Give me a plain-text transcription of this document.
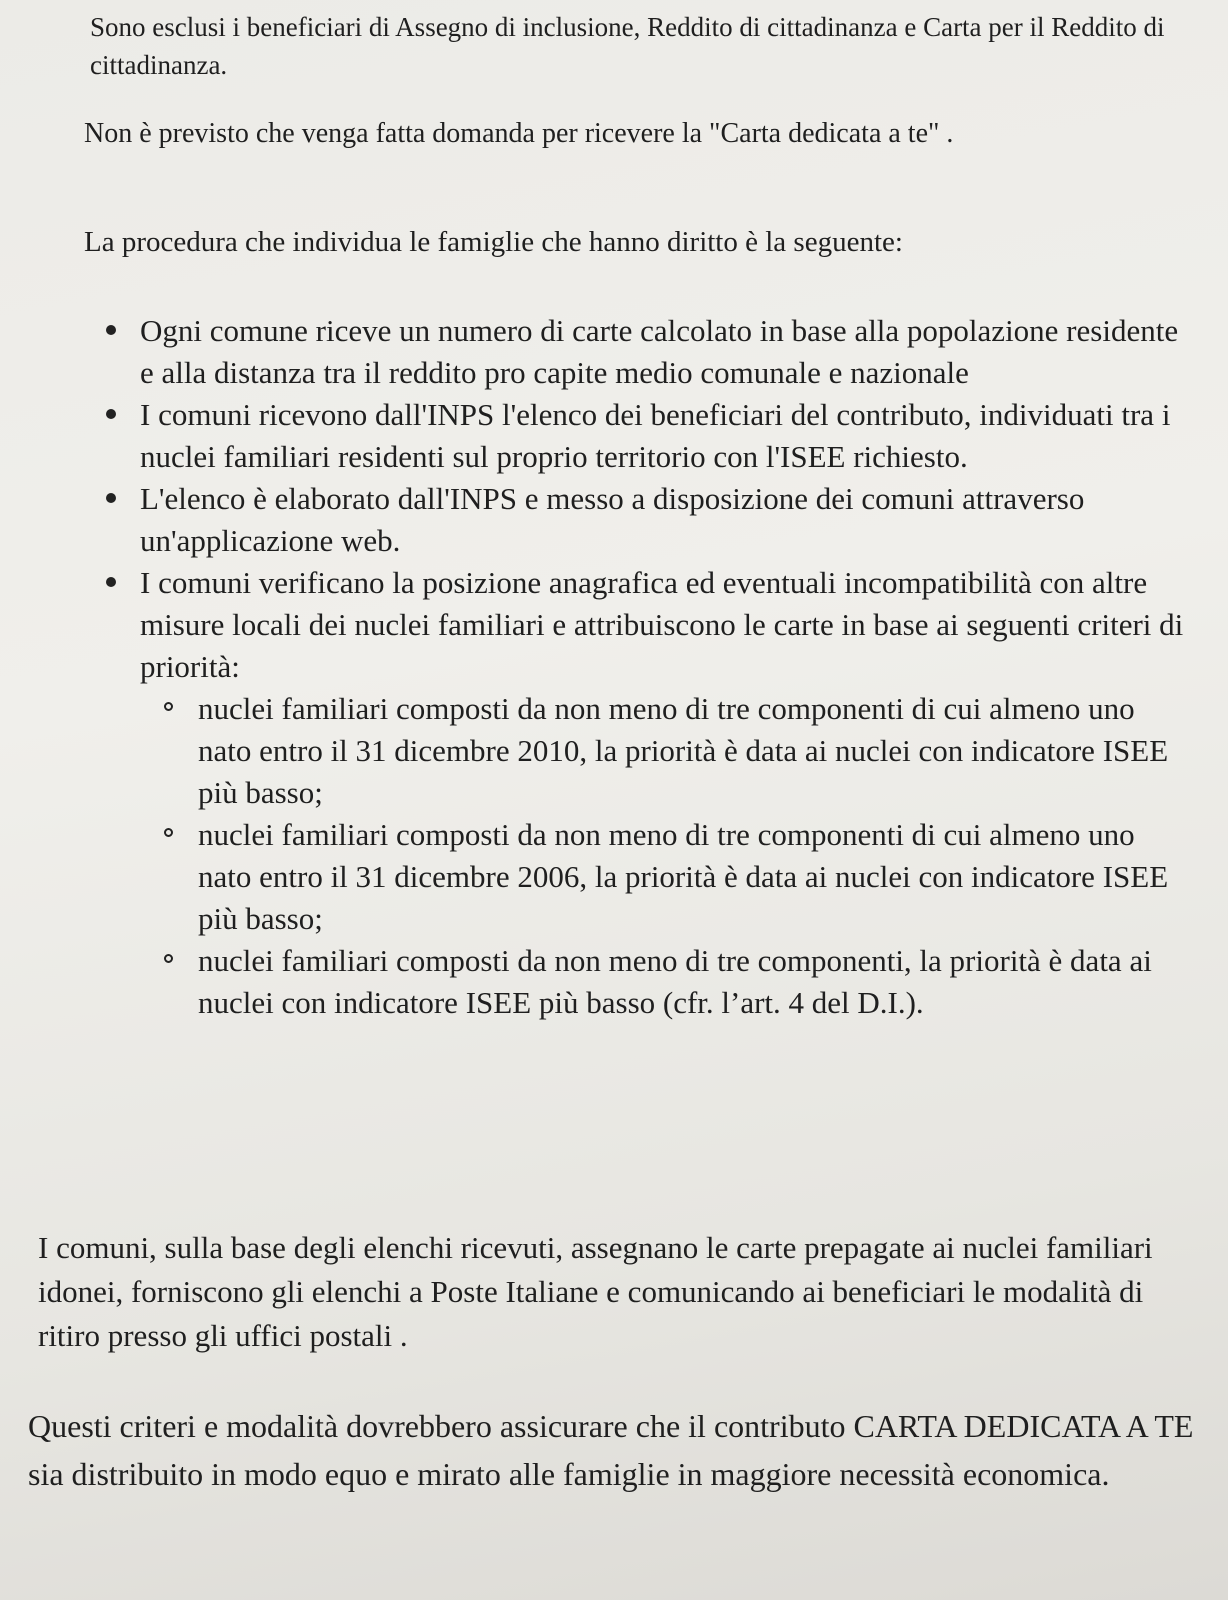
Sono esclusi i beneficiari di Assegno di inclusione, Reddito di cittadinanza e Carta per il Reddito di cittadinanza.

Non è previsto che venga fatta domanda per ricevere la "Carta dedicata a te" .

La procedura che individua le famiglie che hanno diritto è la seguente:

Ogni comune riceve un numero di carte calcolato in base alla popolazione residente e alla distanza tra il reddito pro capite medio comunale e nazionale
I comuni ricevono dall'INPS l'elenco dei beneficiari del contributo, individuati tra i nuclei familiari residenti sul proprio territorio con l'ISEE richiesto.
L'elenco è elaborato dall'INPS e messo a disposizione dei comuni attraverso un'applicazione web.
I comuni verificano la posizione anagrafica ed eventuali incompatibilità con altre misure locali dei nuclei familiari e attribuiscono le carte in base ai seguenti criteri di priorità:
nuclei familiari composti da non meno di tre componenti di cui almeno uno nato entro il 31 dicembre 2010, la priorità è data ai nuclei con indicatore ISEE più basso;
nuclei familiari composti da non meno di tre componenti di cui almeno uno nato entro il 31 dicembre 2006, la priorità è data ai nuclei con indicatore ISEE più basso;
nuclei familiari composti da non meno di tre componenti, la priorità è data ai nuclei con indicatore ISEE più basso (cfr. l’art. 4 del D.I.).

I comuni, sulla base degli elenchi ricevuti, assegnano le carte prepagate ai nuclei familiari idonei, forniscono gli elenchi a Poste Italiane e comunicando ai beneficiari le modalità di ritiro presso gli uffici postali .

Questi criteri e modalità dovrebbero assicurare che il contributo CARTA DEDICATA A TE sia distribuito in modo equo e mirato alle famiglie in maggiore necessità economica.
